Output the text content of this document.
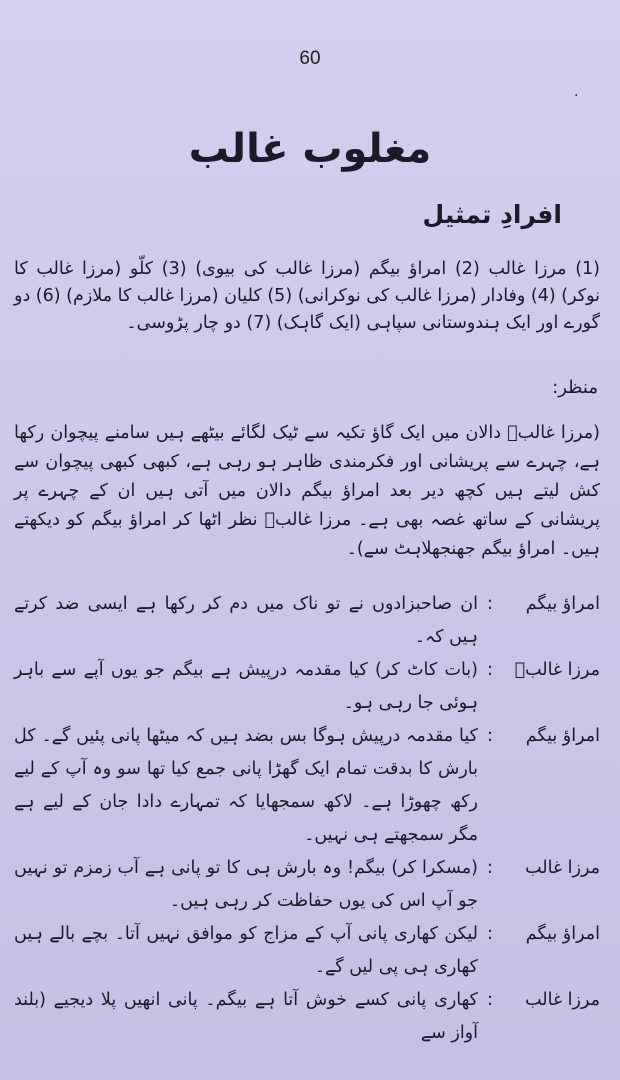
60
·
مغلوب غالب
افرادِ تمثیل
(1) مرزا غالب (2) امراؤ بیگم (مرزا غالب کی بیوی) (3) کلّو (مرزا غالب کا نوکر) (4) وفادار (مرزا غالب کی نوکرانی) (5) کلیان (مرزا غالب کا ملازم) (6) دو گورے اور ایک ہندوستانی سپاہی (ایک گاہک) (7) دو چار پڑوسی۔
منظر:
(مرزا غالبؔ دالان میں ایک گاؤ تکیہ سے ٹیک لگائے بیٹھے ہیں سامنے پیچوان رکھا ہے، چہرے سے پریشانی اور فکرمندی ظاہر ہو رہی ہے، کبھی کبھی پیچوان سے کش لیتے ہیں کچھ دیر بعد امراؤ بیگم دالان میں آتی ہیں ان کے چہرے پر پریشانی کے ساتھ غصہ بھی ہے۔ مرزا غالبؔ نظر اٹھا کر امراؤ بیگم کو دیکھتے ہیں۔ امراؤ بیگم جھنجھلاہٹ سے)۔
امراؤ بیگم
:
ان صاحبزادوں نے تو ناک میں دم کر رکھا ہے ایسی ضد کرتے ہیں کہ۔
مرزا غالبؔ
:
(بات کاٹ کر) کیا مقدمہ درپیش ہے بیگم جو یوں آپے سے باہر ہوئی جا رہی ہو۔
امراؤ بیگم
:
کیا مقدمہ درپیش ہوگا بس بضد ہیں کہ میٹھا پانی پئیں گے۔ کل بارش کا بدقت تمام ایک گھڑا پانی جمع کیا تھا سو وہ آپ کے لیے رکھ چھوڑا ہے۔ لاکھ سمجھایا کہ تمہارے دادا جان کے لیے ہے مگر سمجھتے ہی نہیں۔
مرزا غالب
:
(مسکرا کر) بیگم! وہ بارش ہی کا تو پانی ہے آب زمزم تو نہیں جو آپ اس کی یوں حفاظت کر رہی ہیں۔
امراؤ بیگم
:
لیکن کھاری پانی آپ کے مزاج کو موافق نہیں آتا۔ بچے بالے ہیں کھاری ہی پی لیں گے۔
مرزا غالب
:
کھاری پانی کسے خوش آتا ہے بیگم۔ پانی انھیں پلا دیجیے (بلند آواز سے
